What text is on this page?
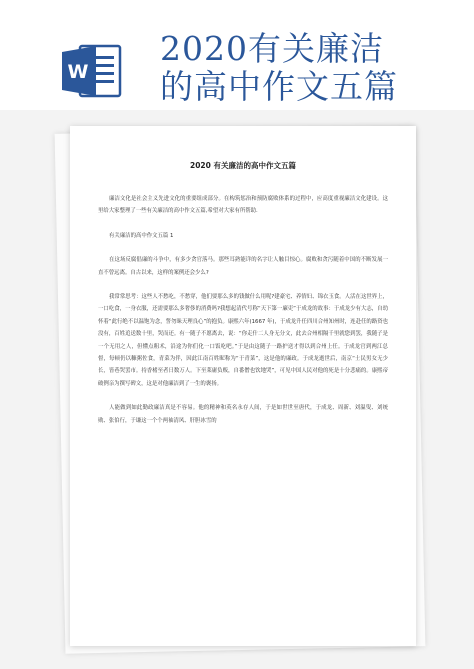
W
2020有关廉洁
的高中作文五篇
2020 有关廉洁的高中作文五篇

廉洁文化是社会主义先进文化的重要组成部分。在构筑惩治和预防腐败体系的过程中，应高度重视廉洁文化建设。这里给大家整理了一些有关廉洁的高中作文五篇,希望对大家有所帮助.

有关廉洁的高中作文五篇 1

在这场反腐倡廉的斗争中，有多少贪官落马。那些耳熟能详的名字让人触目惊心。腐败和贪污随着中国的不断发展一直不曾远离。自古以来，这样的案例还会少么?

我常常思考：这些人不愁吃，不愁穿，他们要那么多的钱做什么用呢?建豪宅、养情妇、锦衣玉食。人活在这世界上，一口吃食，一身衣服，还需要那么多奢侈的消费吗?我想起清代号称“天下第一廉吏”于成龙的故事：于成龙少有大志，自幼怀着“此行绝不以温饱为念，誓勿昧天理良心”的抱负。康熙六年(1667 年)，于成龙升任四川合州知州时，连赴任的路资也没有，百姓追送数十里，哭而还。有一随子不愿离去，说：“你走什二人身无分文，此去合州相隔千里就您到罢，我随子是一个无用之人，但懂点粗术，沿途为你们化一口饭吃吧。”于是由这随子一路护送才得以到合州上任。于成龙官到两江总督，每顿仍以糠粥佐食，青菜为伴，因此江南百姓昵称为“于青菜”，这是他的廉政。于成龙逝世后，南京“士民男女无少长，皆巷哭罢市。持香楮至者日数万人。下至莱庸负贩，自番僧也饮地哭”，可见中国人民对他的死是十分悲痛的。康熙帝破例亲为撰写碑文，这是对他廉洁到了一生的褒扬。

人能做到如此勤政廉洁真是不容易。他的精神和英名永存人间，于是如世世至唐代，于成龙、周新、刘温叟、刘统勋、张伯行，于谦这一个个两袖清风、肝胆冰雪的
